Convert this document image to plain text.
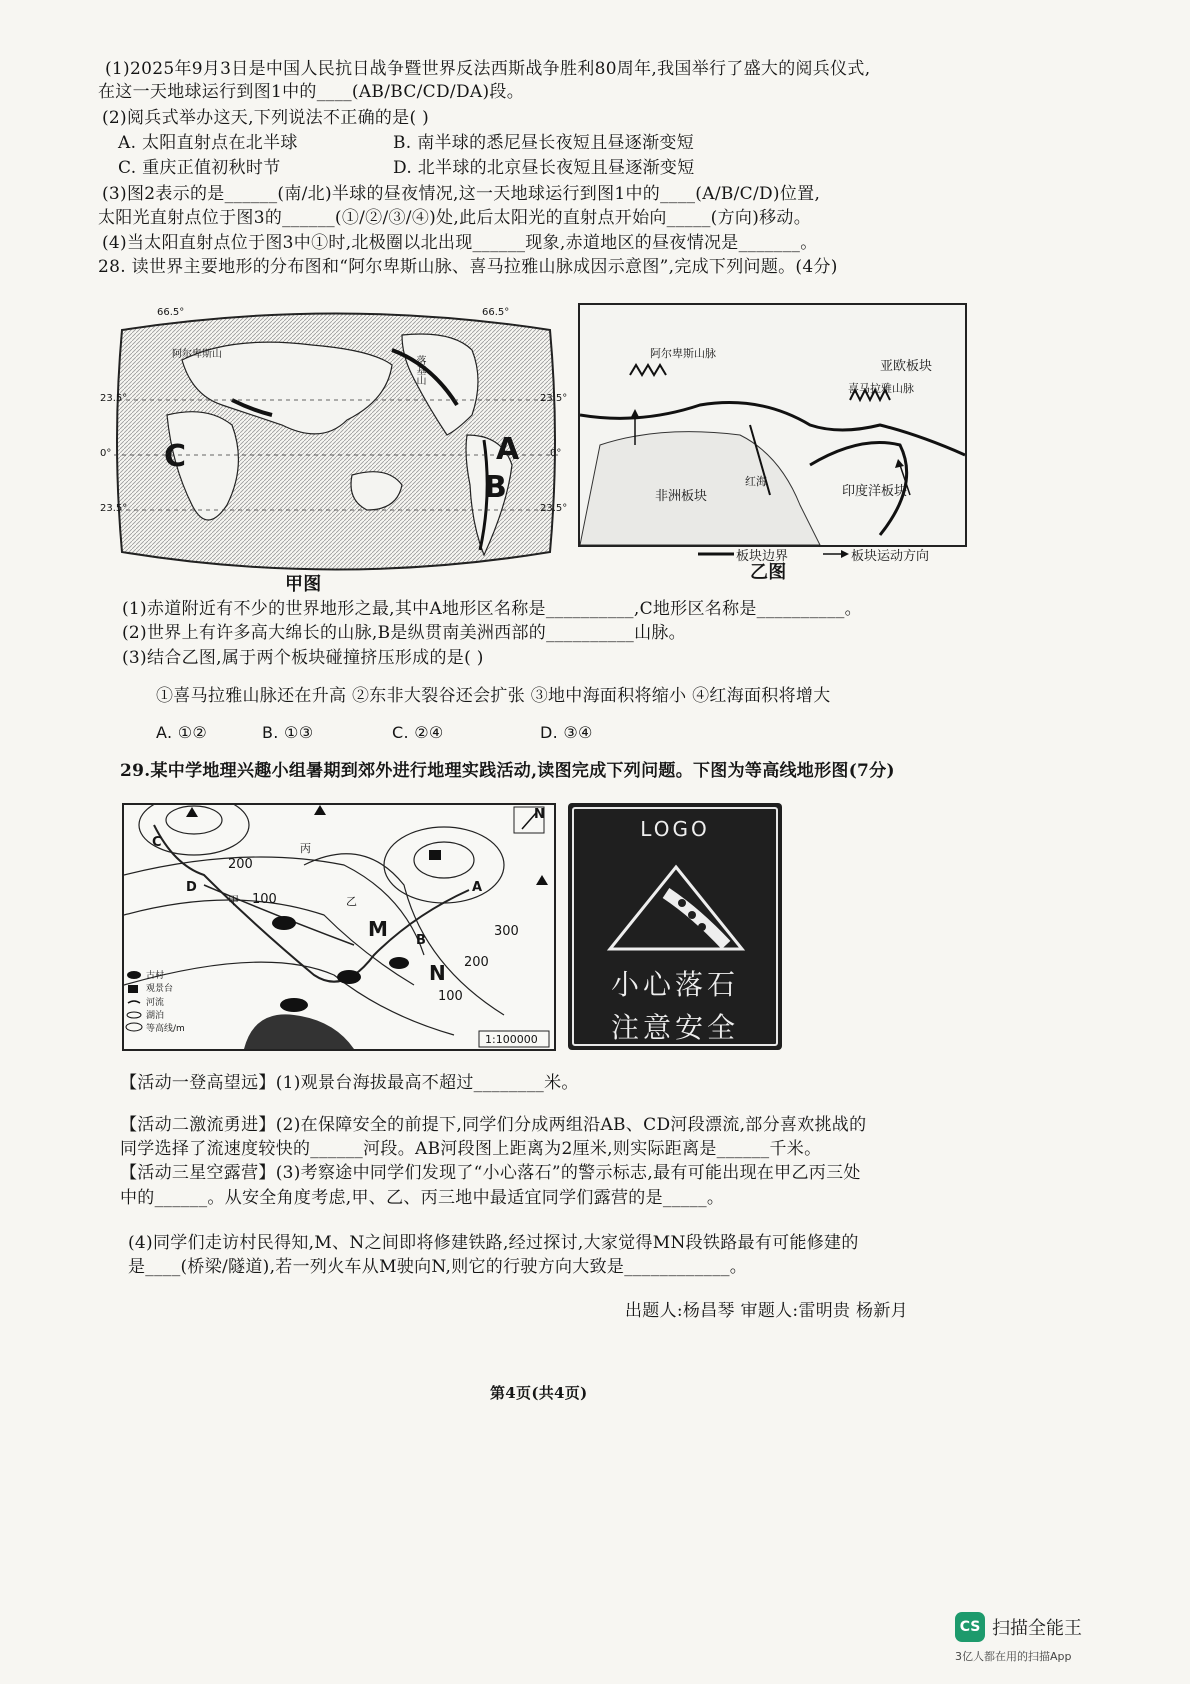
(1)2025年9月3日是中国人民抗日战争暨世界反法西斯战争胜利80周年,我国举行了盛大的阅兵仪式,
在这一天地球运行到图1中的____(AB/BC/CD/DA)段。
(2)阅兵式举办这天,下列说法不正确的是( )
A. 太阳直射点在北半球	B. 南半球的悉尼昼长夜短且昼逐渐变短
C. 重庆正值初秋时节	D. 北半球的北京昼长夜短且昼逐渐变短
(3)图2表示的是______(南/北)半球的昼夜情况,这一天地球运行到图1中的____(A/B/C/D)位置,
太阳光直射点位于图3的______(①/②/③/④)处,此后太阳光的直射点开始向_____(方向)移动。
(4)当太阳直射点位于图3中①时,北极圈以北出现______现象,赤道地区的昼夜情况是_______。
28. 读世界主要地形的分布图和“阿尔卑斯山脉、喜马拉雅山脉成因示意图”,完成下列问题。(4分)
66.5°	66.5°
23.5°	23.5°
0°	0°
23.5°	23.5°
阿尔卑斯山
落基山
C	A
B
甲图
阿尔卑斯山脉
亚欧板块
喜马拉雅山脉
非洲板块	印度洋板块
红海
板块边界	板块运动方向
乙图
(1)赤道附近有不少的世界地形之最,其中A地形区名称是__________,C地形区名称是__________。
(2)世界上有许多高大绵长的山脉,B是纵贯南美洲西部的__________山脉。
(3)结合乙图,属于两个板块碰撞挤压形成的是( )
①喜马拉雅山脉还在升高 ②东非大裂谷还会扩张 ③地中海面积将缩小 ④红海面积将增大
A. ①②	B. ①③	C. ②④	D. ③④
29.某中学地理兴趣小组暑期到郊外进行地理实践活动,读图完成下列问题。下图为等高线地形图(7分)
C
D	A
B
M
N
甲	乙
丙
200
100
300
200
100
N
1:100000
古村
观景台
河流
湖泊
等高线/m
LOGO
小心落石
注意安全
【活动一登高望远】(1)观景台海拔最高不超过________米。
【活动二激流勇进】(2)在保障安全的前提下,同学们分成两组沿AB、CD河段漂流,部分喜欢挑战的
同学选择了流速度较快的______河段。AB河段图上距离为2厘米,则实际距离是______千米。
【活动三星空露营】(3)考察途中同学们发现了“小心落石”的警示标志,最有可能出现在甲乙丙三处
中的______。从安全角度考虑,甲、乙、丙三地中最适宜同学们露营的是_____。
(4)同学们走访村民得知,M、N之间即将修建铁路,经过探讨,大家觉得MN段铁路最有可能修建的
是____(桥梁/隧道),若一列火车从M驶向N,则它的行驶方向大致是____________。
出题人:杨昌琴 审题人:雷明贵 杨新月
第4页(共4页)
CS 扫描全能王
3亿人都在用的扫描App
